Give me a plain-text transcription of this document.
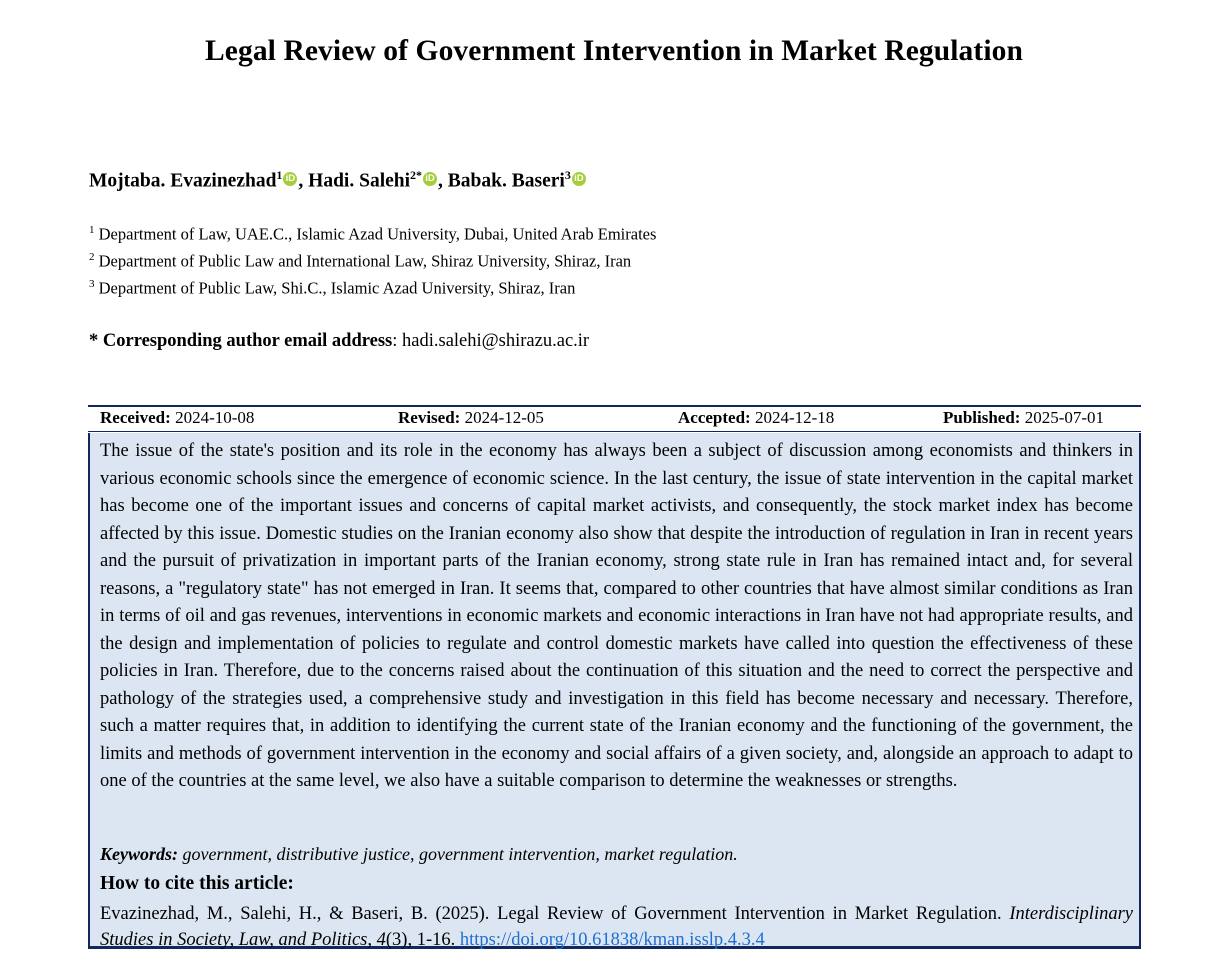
Legal Review of Government Intervention in Market Regulation
Mojtaba. Evazinezhad$^1$ iD , Hadi. Salehi$^{2*}$ iD , Babak. Baseri$^3$iD
$^1$ Department of Law, UAE.C., Islamic Azad University, Dubai, United Arab Emirates
$^2$ Department of Public Law and International Law, Shiraz University, Shiraz, Iran
$^3$ Department of Public Law, Shi.C., Islamic Azad University, Shiraz, Iran
* Corresponding author email address: hadi.salehi@shirazu.ac.ir
Received: 2024-10-08	Revised: 2024-12-05	Accepted: 2024-12-18	Published: 2025-07-01
The issue of the state's position and its role in the economy has always been a subject of discussion among economists and thinkers in various economic schools since the emergence of economic science. In the last century, the issue of state intervention in the capital market has become one of the important issues and concerns of capital market activists, and consequently, the stock market index has become affected by this issue. Domestic studies on the Iranian economy also show that despite the introduction of regulation in Iran in recent years and the pursuit of privatization in important parts of the Iranian economy, strong state rule in Iran has remained intact and, for several reasons, a "regulatory state" has not emerged in Iran. It seems that, compared to other countries that have almost similar conditions as Iran in terms of oil and gas revenues, interventions in economic markets and economic interactions in Iran have not had appropriate results, and the design and implementation of policies to regulate and control domestic markets have called into question the effectiveness of these policies in Iran. Therefore, due to the concerns raised about the continuation of this situation and the need to correct the perspective and pathology of the strategies used, a comprehensive study and investigation in this field has become necessary and necessary. Therefore, such a matter requires that, in addition to identifying the current state of the Iranian economy and the functioning of the government, the limits and methods of government intervention in the economy and social affairs of a given society, and, alongside an approach to adapt to one of the countries at the same level, we also have a suitable comparison to determine the weaknesses or strengths.
Keywords: government, distributive justice, government intervention, market regulation.
How to cite this article:
Evazinezhad, M., Salehi, H., & Baseri, B. (2025). Legal Review of Government Intervention in Market Regulation. Interdisciplinary Studies in Society, Law, and Politics, 4(3), 1-16. https://doi.org/10.61838/kman.isslp.4.3.4
